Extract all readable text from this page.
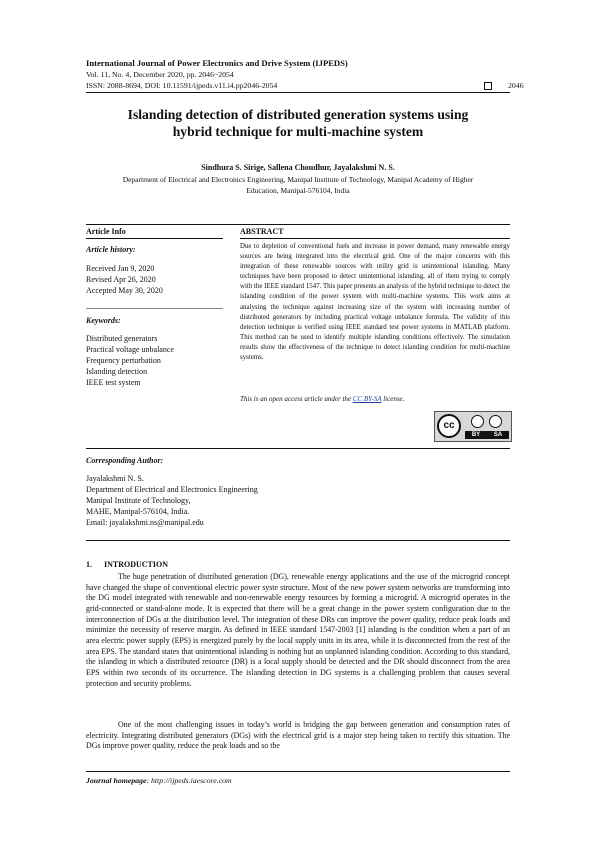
International Journal of Power Electronics and Drive System (IJPEDS)
Vol. 11, No. 4, December 2020, pp. 2046~2054
ISSN: 2088-8694, DOI: 10.11591/ijpeds.v11.i4.pp2046-2054	2046
Islanding detection of distributed generation systems using
hybrid technique for multi-machine system
Sindhura S. Sirige, Sallena Choudhur, Jayalakshmi N. S.
Department of Electrical and Electronics Engineering, Manipal Institute of Technology, Manipal Academy of Higher
Education, Manipal-576104, India
Article Info	ABSTRACT
Article history:
Received Jan 9, 2020
Revised Apr 26, 2020
Accepted May 30, 2020
Keywords:
Distributed generators
Practical voltage unbalance
Frequency perturbation
Islanding detection
IEEE test system
Due to depletion of conventional fuels and increase in power demand, many renewable energy sources are being integrated into the electrical grid. One of the major concerns with this integration of these renewable sources with utility grid is unintentional islanding. Many techniques have been proposed to detect unintentional islanding, all of them trying to comply with the IEEE standard 1547. This paper presents an analysis of the hybrid technique to detect the islanding condition of the power system with multi-machine systems. This work aims at analysing the technique against increasing size of the system with increasing number of distributed generators by including practical voltage unbalance formula. The validity of this detection technique is verified using IEEE standard test power systems in MATLAB platform. This method can be used to identify multiple islanding conditions effectively. The simulation results show the effectiveness of the technique to detect islanding condition for multi-machine systems.
This is an open access article under the CC BY-SA license.
cc
BY SA
Corresponding Author:
Jayalakshmi N. S.
Department of Electrical and Electronics Engineering
Manipal Institute of Technology,
MAHE, Manipal-576104, India.
Email: jayalakshmi.ns@manipal.edu
1.      INTRODUCTION
The huge penetration of distributed generation (DG), renewable energy applications and the use of the microgrid concept have changed the shape of conventional electric power syste structure. Most of the new power system networks are transforming into the DG model integrated with renewable and non-renewable energy resources by forming a microgrid. A microgrid operates in the grid-connected or stand-alone mode. It is expected that there will be a great change in the power system configuration due to the interconnection of DGs at the distribution level. The integration of these DRs can improve the power quality, reduce peak loads and minimize the necessity of reserve margin. As defined in IEEE standard 1547-2003 [1] islanding is the condition when a part of an area electric power supply (EPS) is energized purely by the local supply units in its area, while it is disconnected from the rest of the area EPS. The standard states that unintentional islanding is nothing but an unplanned islanding condition. According to this standard, the islanding in which a distributed resource (DR) is a local supply should be detected and the DR should disconnect from the area EPS within two seconds of its occurrence. The islanding detection in DG systems is a challenging problem that causes several protection and security problems.
One of the most challenging issues in today’s world is bridging the gap between generation and consumption rates of electricity. Integrating distributed generators (DGs) with the electrical grid is a major step being taken to rectify this situation. The DGs improve power quality, reduce the peak loads and so the
Journal homepage: http://ijpeds.iaescore.com
